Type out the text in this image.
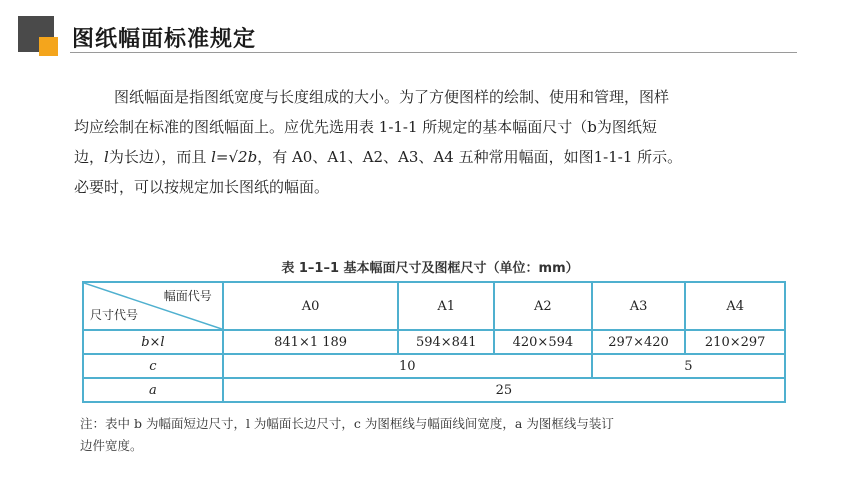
图纸幅面标准规定
图纸幅面是指图纸宽度与长度组成的大小。为了方便图样的绘制、使用和管理，图样
均应绘制在标准的图纸幅面上。应优先选用表 1-1-1 所规定的基本幅面尺寸（b为图纸短
边，l为长边），而且 l=√2b，有 A0、A1、A2、A3、A4 五种常用幅面，如图1-1-1 所示。
必要时，可以按规定加长图纸的幅面。
表 1–1–1 基本幅面尺寸及图框尺寸（单位：mm）
幅面代号
尺寸代号	A0	A1	A2	A3	A4
b×l	841×1 189	594×841	420×594	297×420	210×297
c	10			5	
a	25				
注：表中 b 为幅面短边尺寸，l 为幅面长边尺寸，c 为图框线与幅面线间宽度，a 为图框线与装订
边件宽度。
